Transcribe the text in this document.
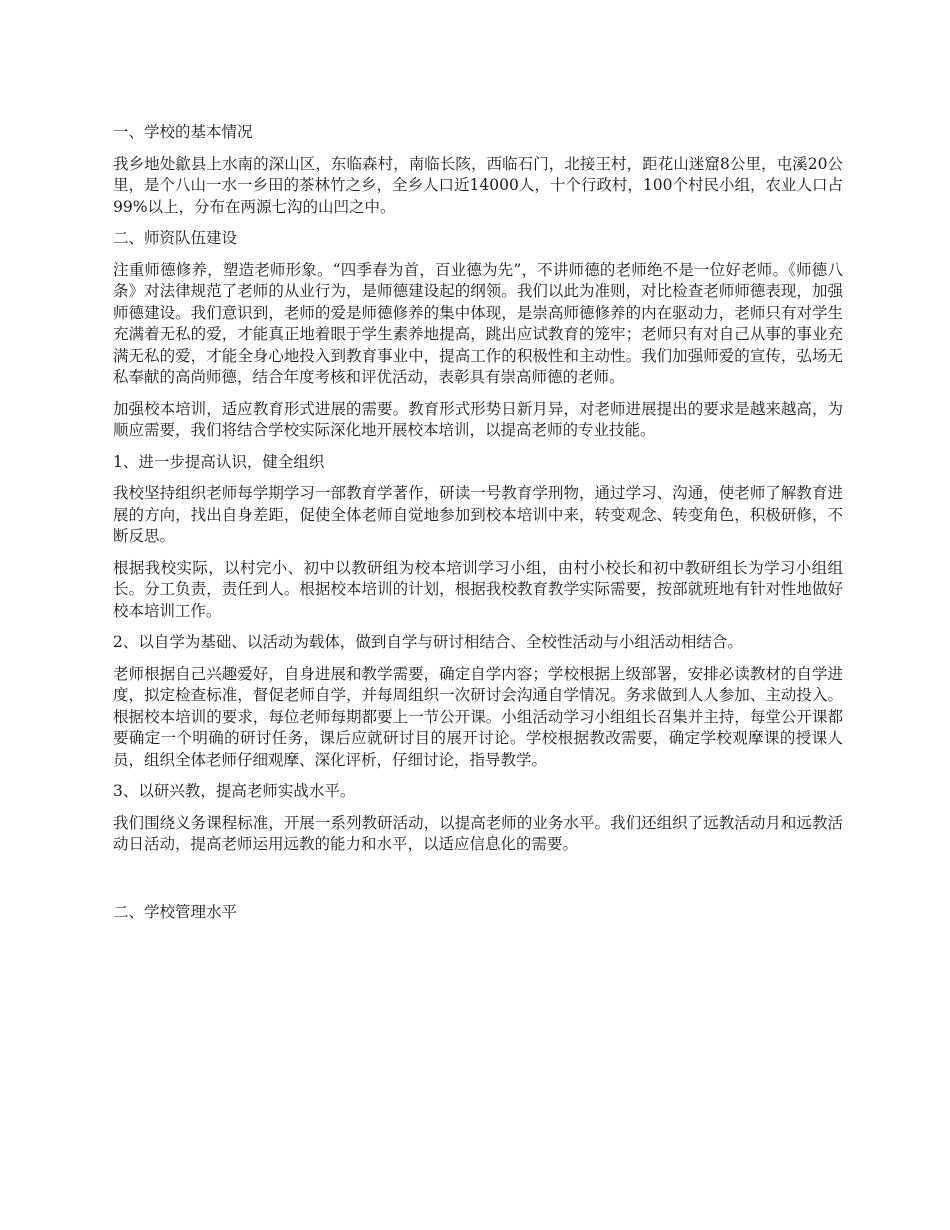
一、学校的基本情况

我乡地处歙县上水南的深山区，东临森村，南临长陔，西临石门，北接王村，距花山迷窟8公里，屯溪20公里，是个八山一水一乡田的茶林竹之乡，全乡人口近14000人，十个行政村，100个村民小组，农业人口占99%以上，分布在两源七沟的山凹之中。

二、师资队伍建设

注重师德修养，塑造老师形象。“四季春为首，百业德为先”，不讲师德的老师绝不是一位好老师。《师德八条》对法律规范了老师的从业行为，是师德建设起的纲领。我们以此为准则，对比检查老师师德表现，加强师德建设。我们意识到，老师的爱是师德修养的集中体现，是崇高师德修养的内在驱动力，老师只有对学生充满着无私的爱，才能真正地着眼于学生素养地提高，跳出应试教育的笼牢；老师只有对自己从事的事业充满无私的爱，才能全身心地投入到教育事业中，提高工作的积极性和主动性。我们加强师爱的宣传，弘场无私奉献的高尚师德，结合年度考核和评优活动，表彰具有崇高师德的老师。

加强校本培训，适应教育形式进展的需要。教育形式形势日新月异，对老师进展提出的要求是越来越高，为顺应需要，我们将结合学校实际深化地开展校本培训，以提高老师的专业技能。

1、进一步提高认识，健全组织

我校坚持组织老师每学期学习一部教育学著作，研读一号教育学刑物，通过学习、沟通，使老师了解教育进展的方向，找出自身差距，促使全体老师自觉地参加到校本培训中来，转变观念、转变角色，积极研修，不断反思。

根据我校实际，以村完小、初中以教研组为校本培训学习小组，由村小校长和初中教研组长为学习小组组长。分工负责，责任到人。根据校本培训的计划，根据我校教育教学实际需要，按部就班地有针对性地做好校本培训工作。

2、以自学为基础、以活动为载体，做到自学与研讨相结合、全校性活动与小组活动相结合。

老师根据自己兴趣爱好，自身进展和教学需要，确定自学内容；学校根据上级部署，安排必读教材的自学进度，拟定检查标准，督促老师自学，并每周组织一次研讨会沟通自学情况。务求做到人人参加、主动投入。根据校本培训的要求，每位老师每期都要上一节公开课。小组活动学习小组组长召集并主持，每堂公开课都要确定一个明确的研讨任务，课后应就研讨目的展开讨论。学校根据教改需要，确定学校观摩课的授课人员，组织全体老师仔细观摩、深化评析，仔细讨论，指导教学。

3、以研兴教，提高老师实战水平。

我们围绕义务课程标准，开展一系列教研活动，以提高老师的业务水平。我们还组织了远教活动月和远教活动日活动，提高老师运用远教的能力和水平，以适应信息化的需要。

二、学校管理水平
